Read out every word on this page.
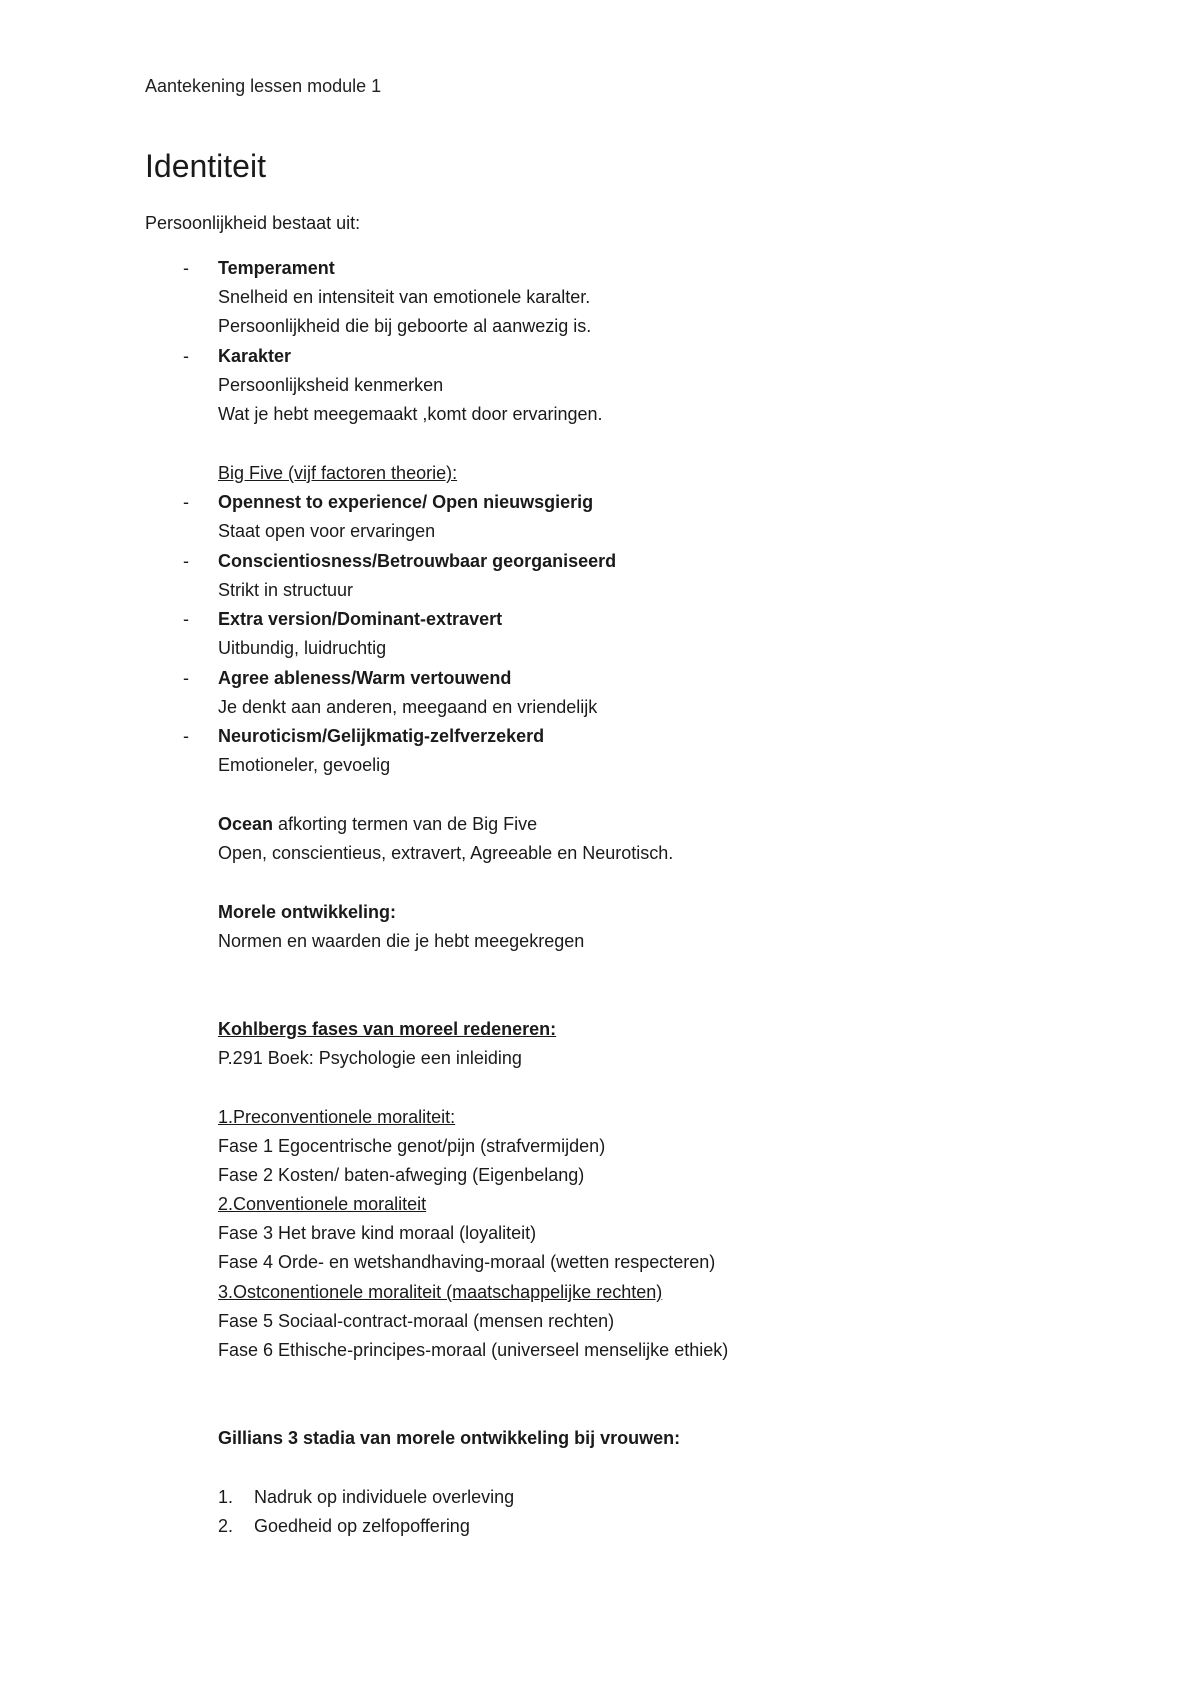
Aantekening lessen module 1
Identiteit
Persoonlijkheid bestaat uit:
- Temperament
Snelheid en intensiteit van emotionele karalter.
Persoonlijkheid die bij geboorte al aanwezig is.
- Karakter
Persoonlijksheid kenmerken
Wat je hebt meegemaakt ,komt door ervaringen.
Big Five (vijf factoren theorie):
- Opennest to experience/ Open nieuwsgierig
Staat open voor ervaringen
- Conscientiosness/Betrouwbaar georganiseerd
Strikt in structuur
- Extra version/Dominant-extravert
Uitbundig, luidruchtig
- Agree ableness/Warm vertouwend
Je denkt aan anderen, meegaand en vriendelijk
- Neuroticism/Gelijkmatig-zelfverzekerd
Emotioneler, gevoelig
Ocean afkorting termen van de Big Five
Open, conscientieus, extravert, Agreeable en Neurotisch.
Morele ontwikkeling:
Normen en waarden die je hebt meegekregen
Kohlbergs fases van moreel redeneren:
P.291 Boek: Psychologie een inleiding
1.Preconventionele moraliteit:
Fase 1 Egocentrische genot/pijn (strafvermijden)
Fase 2 Kosten/ baten-afweging (Eigenbelang)
2.Conventionele moraliteit
Fase 3 Het brave kind moraal (loyaliteit)
Fase 4 Orde- en wetshandhaving-moraal (wetten respecteren)
3.Ostconentionele moraliteit (maatschappelijke rechten)
Fase 5 Sociaal-contract-moraal (mensen rechten)
Fase 6 Ethische-principes-moraal (universeel menselijke ethiek)
Gillians 3 stadia van morele ontwikkeling bij vrouwen:
1. Nadruk op individuele overleving
2. Goedheid op zelfopoffering
